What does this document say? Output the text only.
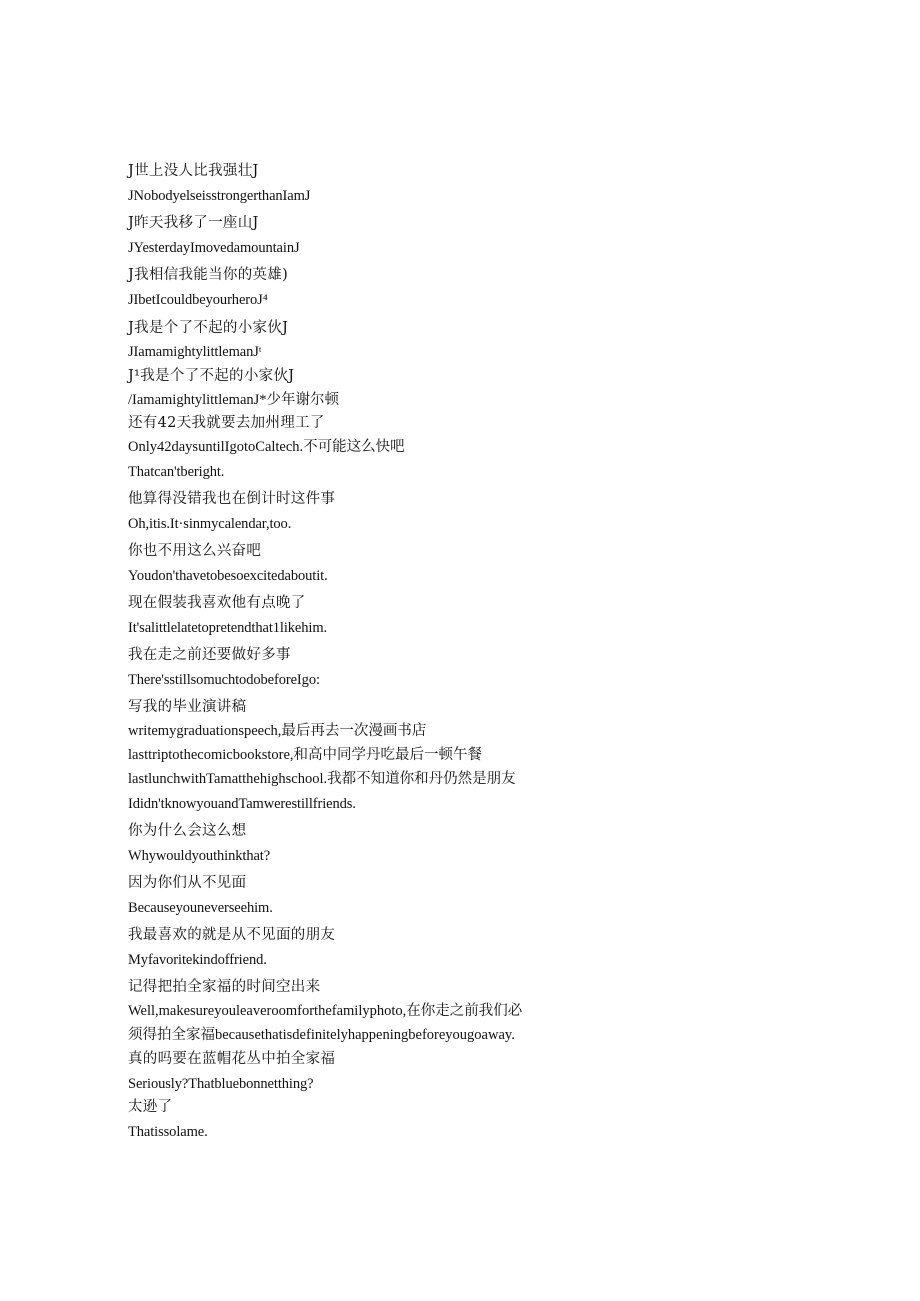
J世上没人比我强壮J
JNobodyelseisstrongerthanIamJ
J昨天我移了一座山J
JYesterdayImovedamountainJ
J我相信我能当你的英雄)
JIbetIcouldbeyourheroJ⁴
J我是个了不起的小家伙J
JIamamightylittlemanJᵗ
J¹我是个了不起的小家伙J
/IamamightylittlemanJ*少年谢尔顿
还有42天我就要去加州理工了
Only42daysuntilIgotoCaltech.不可能这么快吧
Thatcan'tberight.
他算得没错我也在倒计时这件事
Oh,itis.It·sinmycalendar,too.
你也不用这么兴奋吧
Youdon'thavetobesoexcitedaboutit.
现在假装我喜欢他有点晚了
It'salittlelatetopretendthat1likehim.
我在走之前还要做好多事
There'sstillsomuchtodobeforeIgo:
写我的毕业演讲稿
writemygraduationspeech,最后再去一次漫画书店
lasttriptothecomicbookstore,和高中同学丹吃最后一顿午餐
lastlunchwithTamatthehighschool.我都不知道你和丹仍然是朋友
Ididn'tknowyouandTamwerestillfriends.
你为什么会这么想
Whywouldyouthinkthat?
因为你们从不见面
Becauseyouneverseehim.
我最喜欢的就是从不见面的朋友
Myfavoritekindoffriend.
记得把拍全家福的时间空出来
Well,makesureyouleaveroomforthefamilyphoto,在你走之前我们必
须得拍全家福becausethatisdefinitelyhappeningbeforeyougoaway.
真的吗要在蓝帽花丛中拍全家福
Seriously?Thatbluebonnetthing?
太逊了
Thatissolame.
